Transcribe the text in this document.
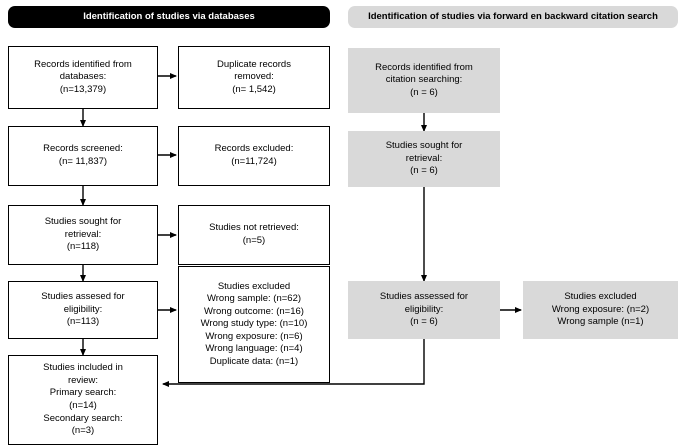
Identification of studies via databases	Identification of studies via forward en backward citation search
Records identified from
databases:
(n=13,379)
Duplicate records
removed:
(n= 1,542)
Records screened:
(n= 11,837)
Records excluded:
(n=11,724)
Studies sought for
retrieval:
(n=118)
Studies not retrieved:
(n=5)
Studies assesed for
eligibility:
(n=113)
Studies excluded
Wrong sample: (n=62)
Wrong outcome: (n=16)
Wrong study type: (n=10)
Wrong exposure: (n=6)
Wrong language: (n=4)
Duplicate data: (n=1)
Studies included in
review:
Primary search:
(n=14)
Secondary search:
(n=3)
Records identified from
citation searching:
(n = 6)
Studies sought for
retrieval:
(n = 6)
Studies assessed for
eligibility:
(n = 6)
Studies excluded
Wrong exposure: (n=2)
Wrong sample (n=1)
